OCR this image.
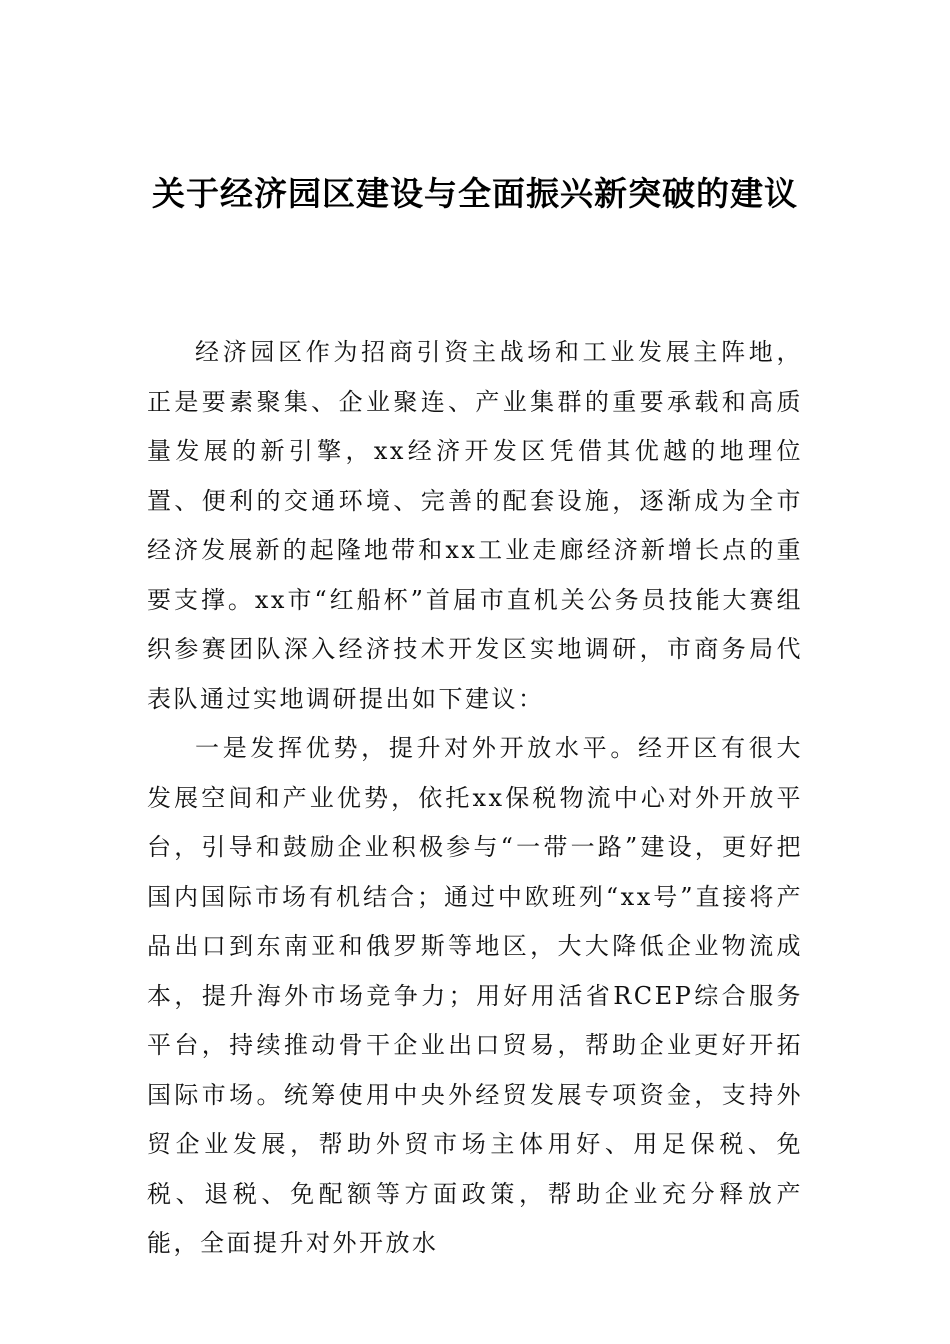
关于经济园区建设与全面振兴新突破的建议

经济园区作为招商引资主战场和工业发展主阵地，正是要素聚集、企业聚连、产业集群的重要承载和高质量发展的新引擎，xx经济开发区凭借其优越的地理位置、便利的交通环境、完善的配套设施，逐渐成为全市经济发展新的起隆地带和xx工业走廊经济新增长点的重要支撑。xx市“红船杯”首届市直机关公务员技能大赛组织参赛团队深入经济技术开发区实地调研，市商务局代表队通过实地调研提出如下建议：

一是发挥优势，提升对外开放水平。经开区有很大发展空间和产业优势，依托xx保税物流中心对外开放平台，引导和鼓励企业积极参与“一带一路”建设，更好把国内国际市场有机结合；通过中欧班列“xx号”直接将产品出口到东南亚和俄罗斯等地区，大大降低企业物流成本，提升海外市场竞争力；用好用活省RCEP综合服务平台，持续推动骨干企业出口贸易，帮助企业更好开拓国际市场。统筹使用中央外经贸发展专项资金，支持外贸企业发展，帮助外贸市场主体用好、用足保税、免税、退税、免配额等方面政策，帮助企业充分释放产能，全面提升对外开放水
